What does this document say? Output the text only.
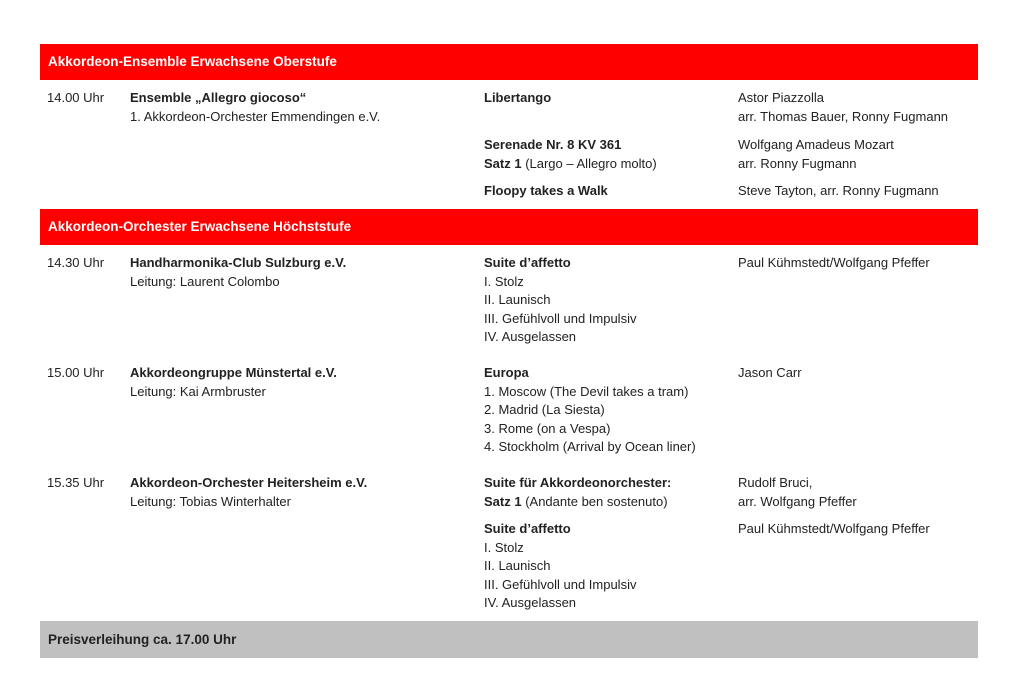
Akkordeon-Ensemble Erwachsene Oberstufe
14.00 Uhr Ensemble „Allegro giocoso“
1. Akkordeon-Orchester Emmendingen e.V.
Libertango	Astor Piazzolla
arr. Thomas Bauer, Ronny Fugmann
Serenade Nr. 8 KV 361
Satz 1 (Largo – Allegro molto)
Wolfgang Amadeus Mozart
arr. Ronny Fugmann
Floopy takes a Walk	Steve Tayton, arr. Ronny Fugmann
Akkordeon-Orchester Erwachsene Höchststufe
14.30 Uhr Handharmonika-Club Sulzburg e.V.
Leitung: Laurent Colombo
Suite d’affetto
I. Stolz
II. Launisch
III. Gefühlvoll und Impulsiv
IV. Ausgelassen
Paul Kühmstedt/Wolfgang Pfeffer
15.00 Uhr Akkordeongruppe Münstertal e.V.
Leitung: Kai Armbruster
Europa
1. Moscow (The Devil takes a tram)
2. Madrid (La Siesta)
3. Rome (on a Vespa)
4. Stockholm (Arrival by Ocean liner)
Jason Carr
15.35 Uhr Akkordeon-Orchester Heitersheim e.V.
Leitung: Tobias Winterhalter
Suite für Akkordeonorchester:
Satz 1 (Andante ben sostenuto)
Rudolf Bruci,
arr. Wolfgang Pfeffer
Suite d’affetto
I. Stolz
II. Launisch
III. Gefühlvoll und Impulsiv
IV. Ausgelassen
Paul Kühmstedt/Wolfgang Pfeffer
Preisverleihung ca. 17.00 Uhr
